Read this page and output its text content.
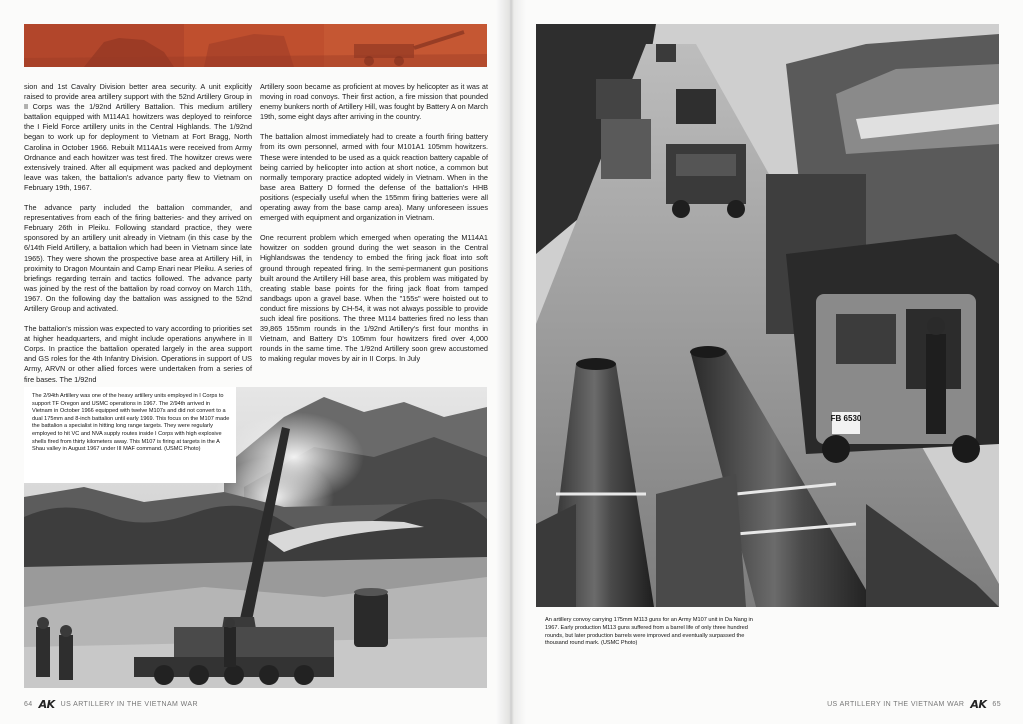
sion and 1st Cavalry Division better area security. A unit explicitly raised to provide area artillery support with the 52nd Artillery Group in II Corps was the 1/92nd Artillery Battalion. This medium artillery battalion equipped with M114A1 howitzers was deployed to reinforce the I Field Force artillery units in the Central Highlands. The 1/92nd began to work up for deployment to Vietnam at Fort Bragg, North Carolina in October 1966. Rebuilt M114A1s were received from Army Ordnance and each howitzer was test fired. The howitzer crews were extensively trained. After all equipment was packed and deployment leave was taken, the battalion's advance party flew to Vietnam on February 19th, 1967.

The advance party included the battalion commander, and representatives from each of the firing batteries- and they arrived on February 26th in Pleiku. Following standard practice, they were sponsored by an artillery unit already in Vietnam (in this case by the 6/14th Field Artillery, a battalion which had been in Vietnam since late 1965). They were shown the prospective base area at Artillery Hill, in proximity to Dragon Mountain and Camp Enari near Pleiku. A series of briefings regarding terrain and tactics followed. The advance party was joined by the rest of the battalion by road convoy on March 11th, 1967. On the following day the battalion was assigned to the 52nd Artillery Group and activated.

The battalion's mission was expected to vary according to priorities set at higher headquarters, and might include operations anywhere in II Corps. In practice the battalion operated largely in the area support and GS roles for the 4th Infantry Division. Operations in support of US Army, ARVN or other allied forces were undertaken from a series of fire bases. The 1/92nd

Artillery soon became as proficient at moves by helicopter as it was at moving in road convoys. Their first action, a fire mission that pounded enemy bunkers north of Artillery Hill, was fought by Battery A on March 19th, some eight days after arriving in the country.

The battalion almost immediately had to create a fourth firing battery from its own personnel, armed with four M101A1 105mm howitzers. These were intended to be used as a quick reaction battery capable of being carried by helicopter into action at short notice, a common but normally temporary practice adopted widely in Vietnam. When in the base area Battery D formed the defense of the battalion's HHB positions (especially useful when the 155mm firing batteries were all operating away from the base camp area). Many unforeseen issues emerged with equipment and organization in Vietnam.

One recurrent problem which emerged when operating the M114A1 howitzer on sodden ground during the wet season in the Central Highlandswas the tendency to embed the firing jack float into soft ground through repeated firing. In the semi-permanent gun positions built around the Artillery Hill base area, this problem was mitigated by creating stable base points for the firing jack float from tamped sandbags upon a gravel base. When the "155s" were hoisted out to conduct fire missions by CH-54, it was not always possible to provide such ideal fire positions. The three M114 batteries fired no less than 39,865 155mm rounds in the 1/92nd Artillery's first four months in Vietnam, and Battery D's 105mm four howitzers fired over 4,000 rounds in the same time. The 1/92nd Artillery soon grew accustomed to making regular moves by air in II Corps. In July

The 2/94th Artillery was one of the heavy artillery units employed in I Corps to support TF Oregon and USMC operations in 1967. The 2/94th arrived in Vietnam in October 1966 equipped with twelve M107s and did not convert to a dual 175mm and 8-inch battalion until early 1969. This focus on the M107 made the battalion a specialist in hitting long range targets. They were regularly employed to hit VC and NVA supply routes inside I Corps with high explosive shells fired from thirty kilometers away. This M107 is firing at targets in the A Shau valley in August 1967 under III MAF command. (USMC Photo)
64 AK US ARTILLERY IN THE VIETNAM WAR
FB 6530
An artillery convoy carrying 175mm M113 guns for an Army M107 unit in Da Nang in 1967. Early production M113 guns suffered from a barrel life of only three hundred rounds, but later production barrels were improved and eventually surpassed the thousand round mark. (USMC Photo)
US ARTILLERY IN THE VIETNAM WAR AK 65
